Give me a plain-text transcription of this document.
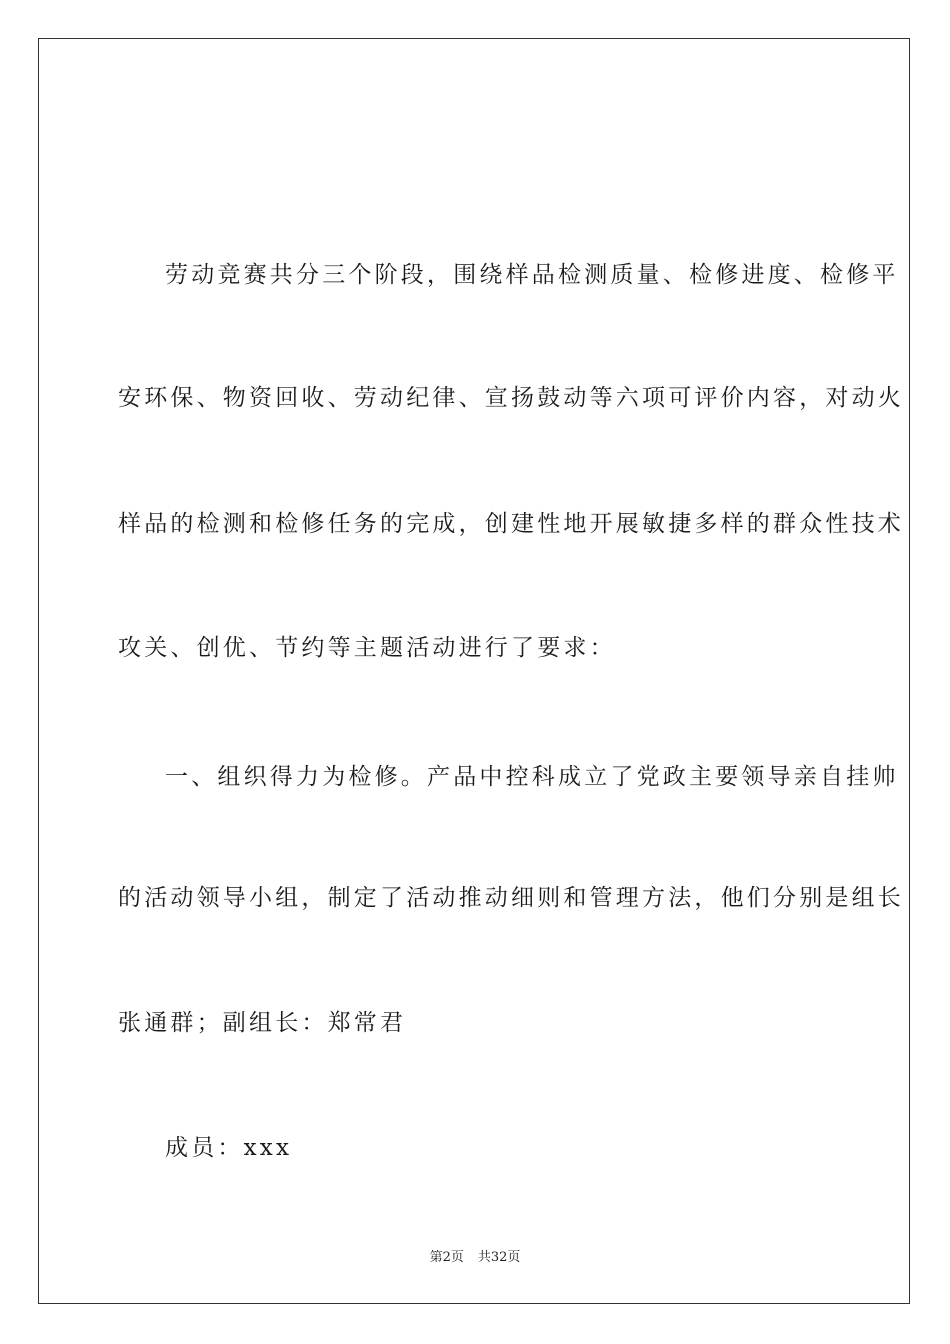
劳动竞赛共分三个阶段，围绕样品检测质量、检修进度、检修平
安环保、物资回收、劳动纪律、宣扬鼓动等六项可评价内容，对动火
样品的检测和检修任务的完成，创建性地开展敏捷多样的群众性技术
攻关、创优、节约等主题活动进行了要求：
一、组织得力为检修。产品中控科成立了党政主要领导亲自挂帅
的活动领导小组，制定了活动推动细则和管理方法，他们分别是组长
张通群；副组长：郑常君
成员：xxx
第2页 共32页
